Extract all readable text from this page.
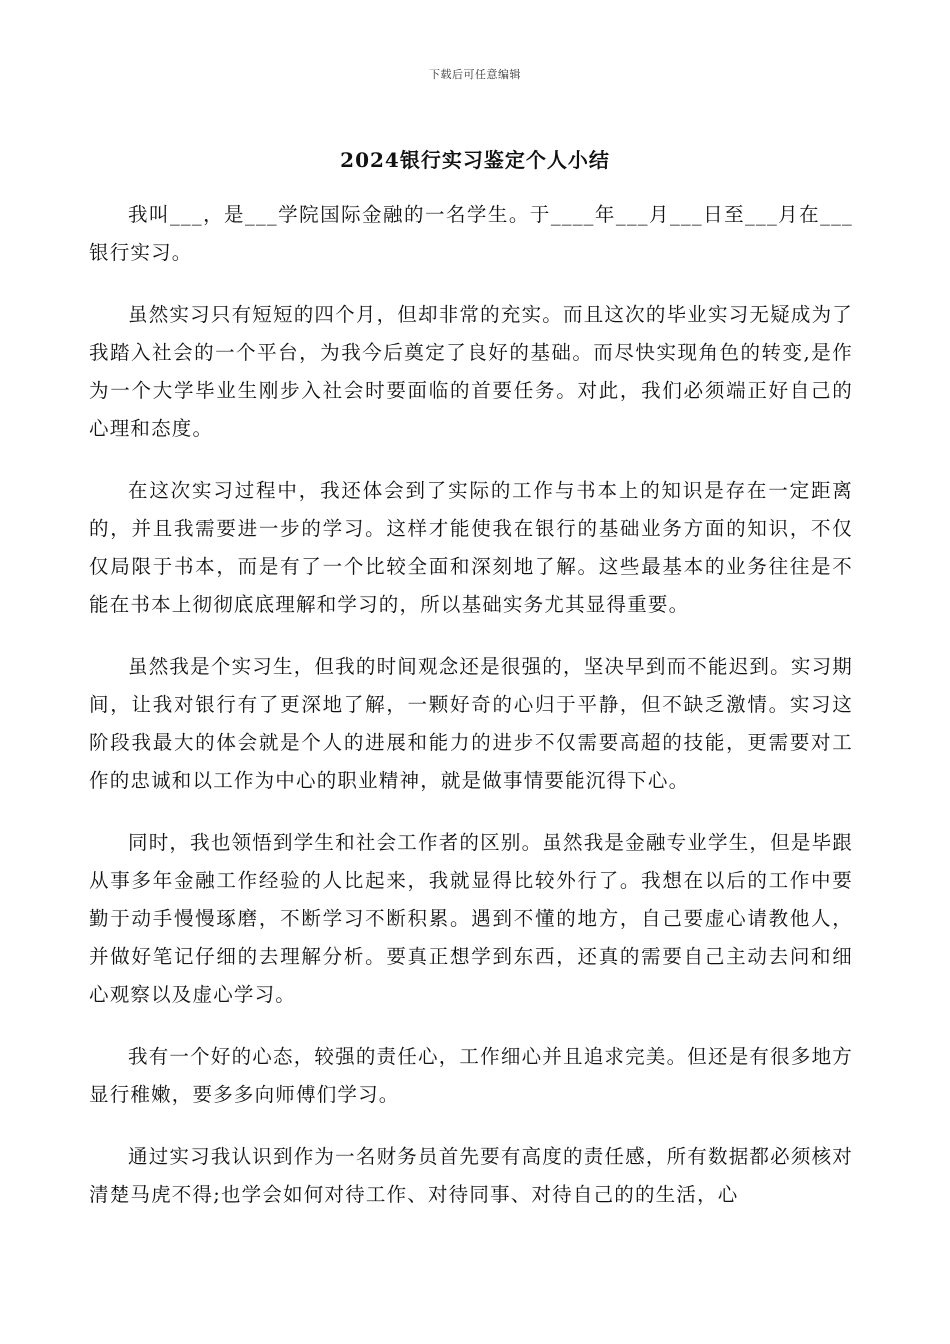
下载后可任意编辑
2024银行实习鉴定个人小结

我叫___，是___学院国际金融的一名学生。于____年___月___日至___月在___银行实习。

虽然实习只有短短的四个月，但却非常的充实。而且这次的毕业实习无疑成为了我踏入社会的一个平台，为我今后奠定了良好的基础。而尽快实现角色的转变,是作为一个大学毕业生刚步入社会时要面临的首要任务。对此，我们必须端正好自己的心理和态度。

在这次实习过程中，我还体会到了实际的工作与书本上的知识是存在一定距离的，并且我需要进一步的学习。这样才能使我在银行的基础业务方面的知识，不仅仅局限于书本，而是有了一个比较全面和深刻地了解。这些最基本的业务往往是不能在书本上彻彻底底理解和学习的，所以基础实务尤其显得重要。

虽然我是个实习生，但我的时间观念还是很强的，坚决早到而不能迟到。实习期间，让我对银行有了更深地了解，一颗好奇的心归于平静，但不缺乏激情。实习这阶段我最大的体会就是个人的进展和能力的进步不仅需要高超的技能，更需要对工作的忠诚和以工作为中心的职业精神，就是做事情要能沉得下心。

同时，我也领悟到学生和社会工作者的区别。虽然我是金融专业学生，但是毕跟从事多年金融工作经验的人比起来，我就显得比较外行了。我想在以后的工作中要勤于动手慢慢琢磨，不断学习不断积累。遇到不懂的地方，自己要虚心请教他人，并做好笔记仔细的去理解分析。要真正想学到东西，还真的需要自己主动去问和细心观察以及虚心学习。

我有一个好的心态，较强的责任心，工作细心并且追求完美。但还是有很多地方显行稚嫩，要多多向师傅们学习。

通过实习我认识到作为一名财务员首先要有高度的责任感，所有数据都必须核对清楚马虎不得;也学会如何对待工作、对待同事、对待自己的的生活，心
